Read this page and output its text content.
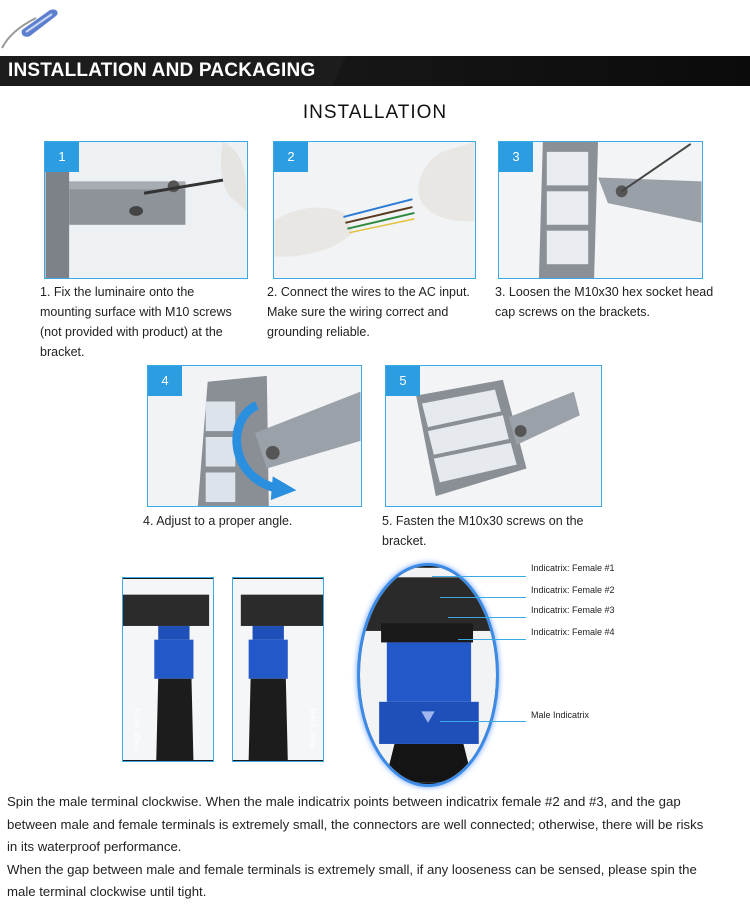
INSTALLATION AND PACKAGING
INSTALLATION
1	2	3
1. Fix the luminaire onto the
mounting surface with M10 screws
(not provided with product) at the
bracket.
2. Connect the wires to the AC input.
Make sure the wiring correct and
grounding reliable.
3. Loosen the M10x30 hex socket head
cap screws on the brackets.
4	5
4. Adjust to a proper angle.	5. Fasten the M10x30 screws on the
bracket.
Front View	Back View
Indicatrix: Female #1
Indicatrix: Female #2
Indicatrix: Female #3
Indicatrix: Female #4
Male Indicatrix
Spin the male terminal clockwise. When the male indicatrix points between indicatrix female #2 and #3, and the gap
between male and female terminals is extremely small, the connectors are well connected; otherwise, there will be risks
in its waterproof performance.
When the gap between male and female terminals is extremely small, if any looseness can be sensed, please spin the
male terminal clockwise until tight.
